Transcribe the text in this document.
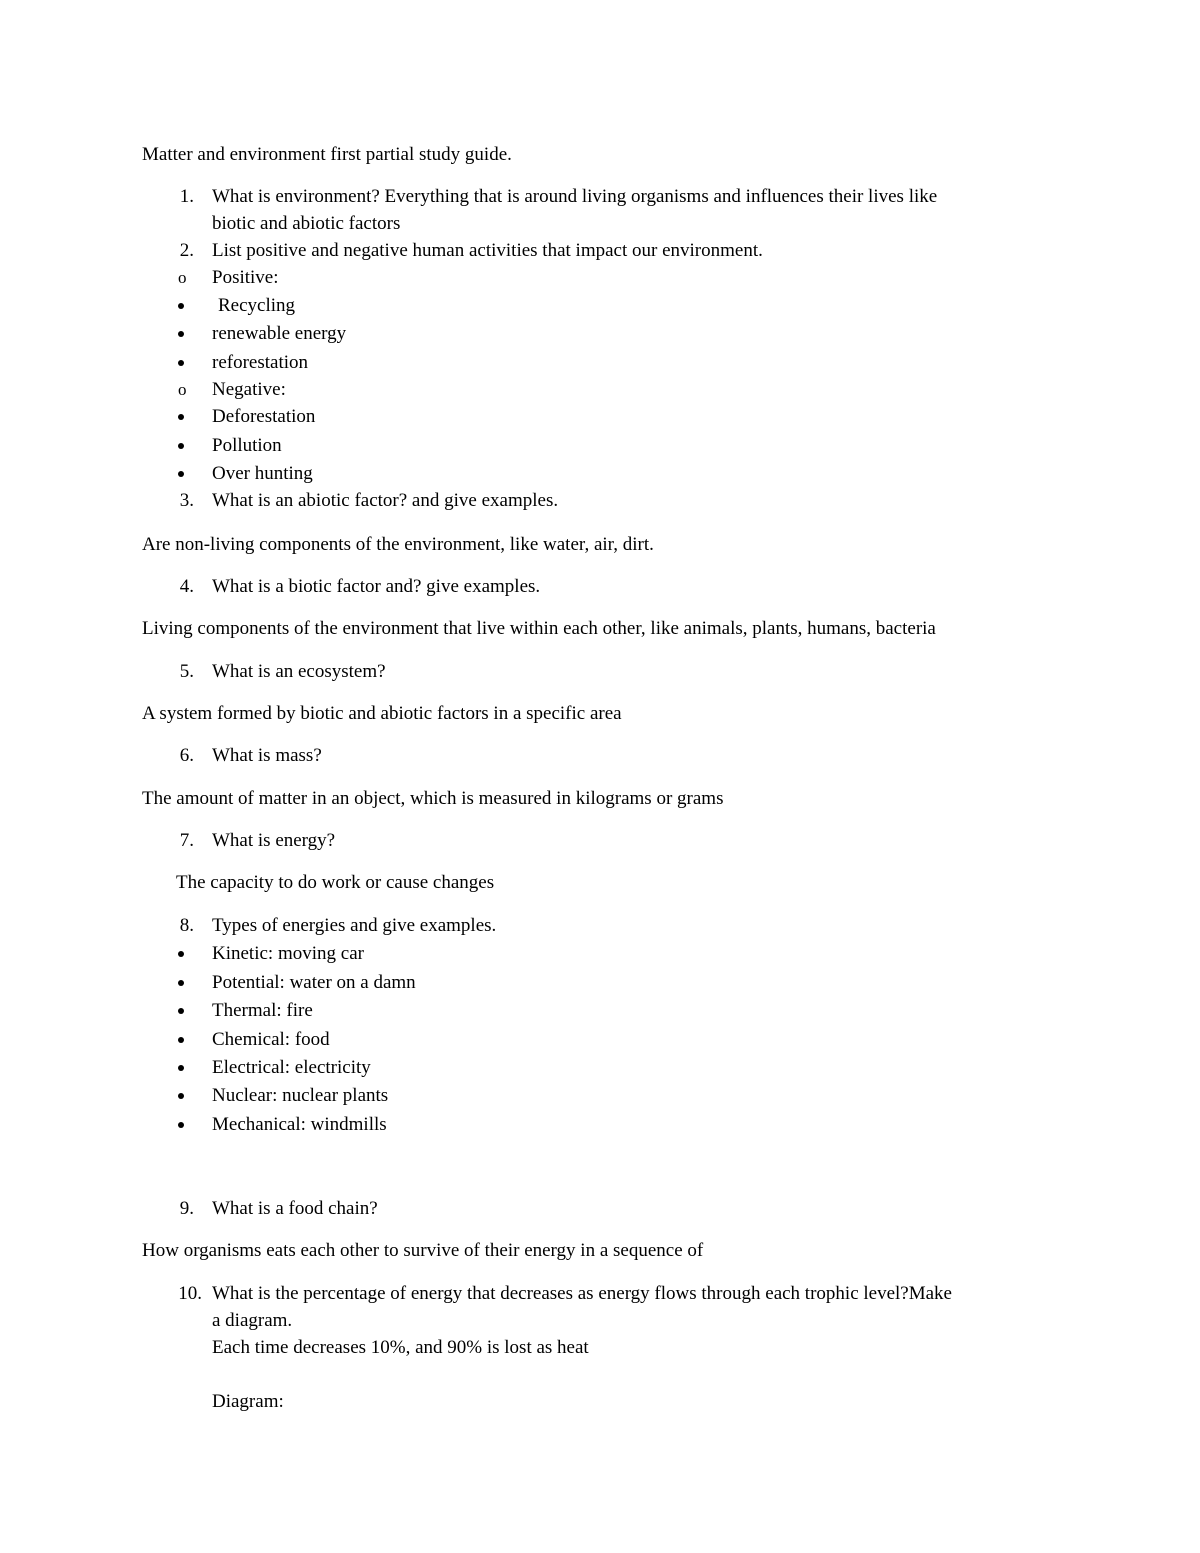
Matter and environment first partial study guide.
1. What is environment? Everything that is around living organisms and influences their lives like
biotic and abiotic factors
2. List positive and negative human activities that impact our environment.
o Positive:
Recycling
renewable energy
reforestation
o Negative:
Deforestation
Pollution
Over hunting
3. What is an abiotic factor? and give examples.
Are non-living components of the environment, like water, air, dirt.
4. What is a biotic factor and? give examples.
Living components of the environment that live within each other, like animals, plants, humans, bacteria
5. What is an ecosystem?
A system formed by biotic and abiotic factors in a specific area
6. What is mass?
The amount of matter in an object, which is measured in kilograms or grams
7. What is energy?
The capacity to do work or cause changes
8. Types of energies and give examples.
Kinetic: moving car
Potential: water on a damn
Thermal: fire
Chemical: food
Electrical: electricity
Nuclear: nuclear plants
Mechanical: windmills
9. What is a food chain?
How organisms eats each other to survive of their energy in a sequence of
10. What is the percentage of energy that decreases as energy flows through each trophic level?Make
a diagram.
Each time decreases 10%, and 90% is lost as heat
Diagram:
